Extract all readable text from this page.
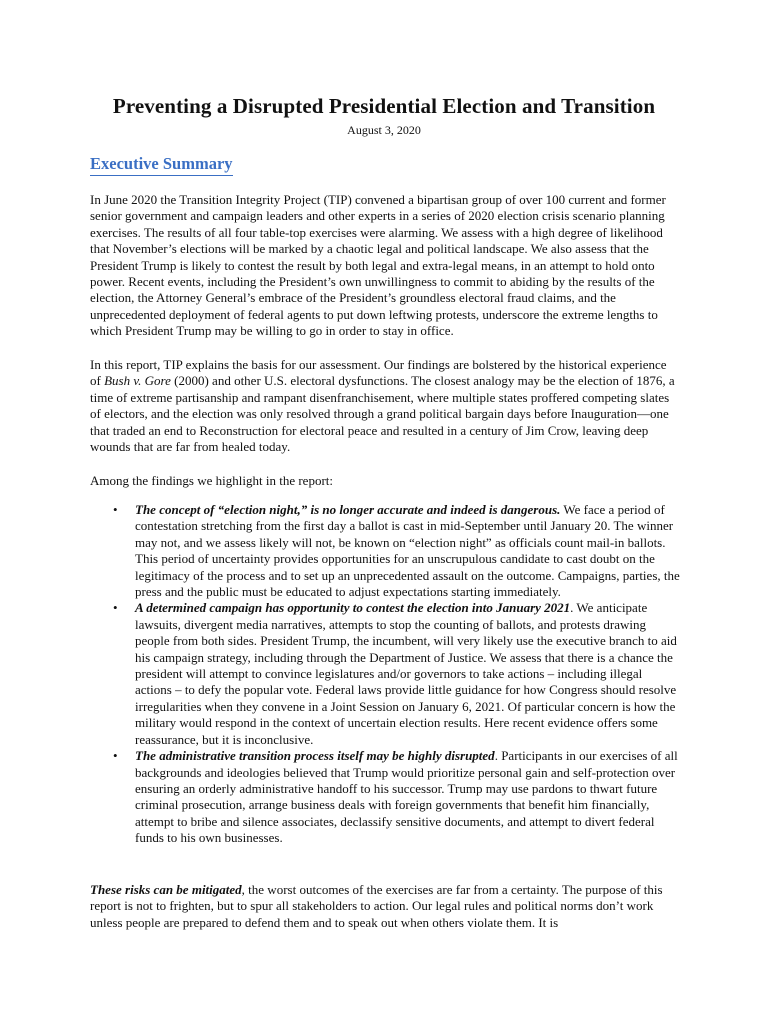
Preventing a Disrupted Presidential Election and Transition
August 3, 2020
Executive Summary

In June 2020 the Transition Integrity Project (TIP) convened a bipartisan group of over 100 current and former senior government and campaign leaders and other experts in a series of 2020 election crisis scenario planning exercises. The results of all four table-top exercises were alarming. We assess with a high degree of likelihood that November’s elections will be marked by a chaotic legal and political landscape. We also assess that the President Trump is likely to contest the result by both legal and extra-legal means, in an attempt to hold onto power. Recent events, including the President’s own unwillingness to commit to abiding by the results of the election, the Attorney General’s embrace of the President’s groundless electoral fraud claims, and the unprecedented deployment of federal agents to put down leftwing protests, underscore the extreme lengths to which President Trump may be willing to go in order to stay in office.

In this report, TIP explains the basis for our assessment. Our findings are bolstered by the historical experience of Bush v. Gore (2000) and other U.S. electoral dysfunctions. The closest analogy may be the election of 1876, a time of extreme partisanship and rampant disenfranchisement, where multiple states proffered competing slates of electors, and the election was only resolved through a grand political bargain days before Inauguration—one that traded an end to Reconstruction for electoral peace and resulted in a century of Jim Crow, leaving deep wounds that are far from healed today.

Among the findings we highlight in the report:

• The concept of “election night,” is no longer accurate and indeed is dangerous. We face a period of contestation stretching from the first day a ballot is cast in mid-September until January 20. The winner may not, and we assess likely will not, be known on “election night” as officials count mail-in ballots. This period of uncertainty provides opportunities for an unscrupulous candidate to cast doubt on the legitimacy of the process and to set up an unprecedented assault on the outcome. Campaigns, parties, the press and the public must be educated to adjust expectations starting immediately.
• A determined campaign has opportunity to contest the election into January 2021. We anticipate lawsuits, divergent media narratives, attempts to stop the counting of ballots, and protests drawing people from both sides. President Trump, the incumbent, will very likely use the executive branch to aid his campaign strategy, including through the Department of Justice. We assess that there is a chance the president will attempt to convince legislatures and/or governors to take actions – including illegal actions – to defy the popular vote. Federal laws provide little guidance for how Congress should resolve irregularities when they convene in a Joint Session on January 6, 2021. Of particular concern is how the military would respond in the context of uncertain election results. Here recent evidence offers some reassurance, but it is inconclusive.
• The administrative transition process itself may be highly disrupted. Participants in our exercises of all backgrounds and ideologies believed that Trump would prioritize personal gain and self-protection over ensuring an orderly administrative handoff to his successor. Trump may use pardons to thwart future criminal prosecution, arrange business deals with foreign governments that benefit him financially, attempt to bribe and silence associates, declassify sensitive documents, and attempt to divert federal funds to his own businesses.

These risks can be mitigated, the worst outcomes of the exercises are far from a certainty. The purpose of this report is not to frighten, but to spur all stakeholders to action. Our legal rules and political norms don’t work unless people are prepared to defend them and to speak out when others violate them. It is
